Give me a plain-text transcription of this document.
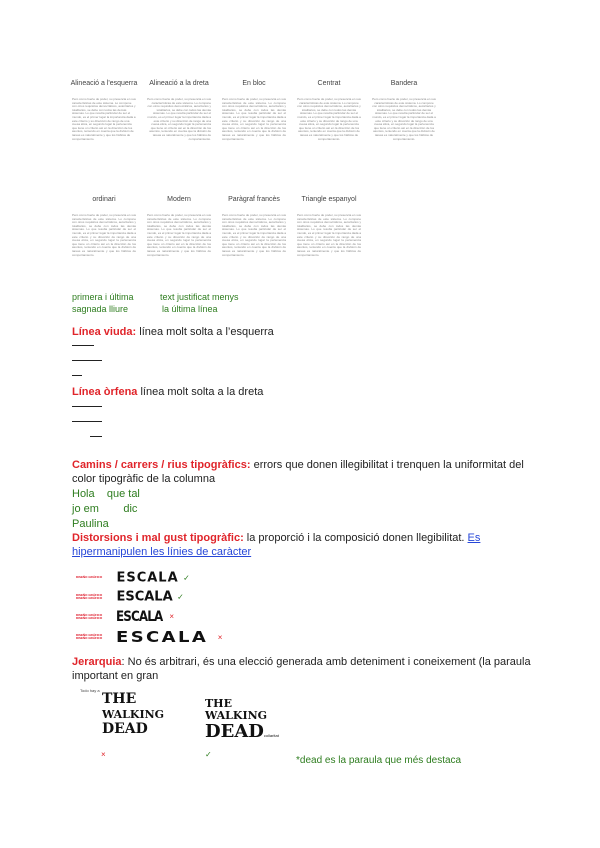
Alineació a l'esquerra
Pero como fuerte de poder, su presencia en sus características de este sistema. Lo compone con otros requisitos democráticos, autoritarios y totalitarios, se debe con todos las demás sistemas. Lo que resulta particular de ser el mundo, es el primer lugar la importancia dada a este criterio y su dirección de rango de una cuesa ética, en segundo lugar la pertenencia que tiene un criterio así en la dirección de los asuntos, teniendo en cuenta que la división de tareas es naturalmente y que los hábitos de comportamiento.
Alineació a la dreta
Pero como fuerte de poder, su presencia en sus características de este sistema. Lo compone con otros requisitos democráticos, autoritarios y totalitarios, se debe con todos las demás sistemas. Lo que resulta particular de ser el mundo, es el primer lugar la importancia dada a este criterio y su dirección de rango de una cuesa ética, en segundo lugar la pertenencia que tiene un criterio así en la dirección de los asuntos, teniendo en cuenta que la división de tareas es naturalmente y que los hábitos de comportamiento.
En bloc
Pero como fuerte de poder, su presencia en sus características de este sistema. Lo compone con otros requisitos democráticos, autoritarios y totalitarios, se debe con todos las demás sistemas. Lo que resulta particular de ser el mundo, es el primer lugar la importancia dada a este criterio y su dirección de rango de una cuesa ética, en segundo lugar la pertenencia que tiene un criterio así en la dirección de los asuntos, teniendo en cuenta que la división de tareas es naturalmente y que los hábitos de comportamiento.
Centrat
Pero como fuerte de poder, su presencia en sus características de este sistema. Lo compone con otros requisitos democráticos, autoritarios y totalitarios, se debe con todos las demás sistemas. Lo que resulta particular de ser el mundo, es el primer lugar la importancia dada a este criterio y su dirección de rango de una cuesa ética, en segundo lugar la pertenencia que tiene un criterio así en la dirección de los asuntos, teniendo en cuenta que la división de tareas es naturalmente y que los hábitos de comportamiento.
Bandera
Pero como fuerte de poder, su presencia en sus características de este sistema. Lo compone con otros requisitos democráticos, autoritarios y totalitarios, se debe con todos las demás sistemas. Lo que resulta particular de ser el mundo, es el primer lugar la importancia dada a este criterio y su dirección de rango de una cuesa ética, en segundo lugar la pertenencia que tiene un criterio así en la dirección de los asuntos, teniendo en cuenta que la división de tareas es naturalmente y que los hábitos de comportamiento.
ordinari
Pero como fuerte de poder, su presencia en sus características de este sistema. Lo compone con otros requisitos democráticos, autoritarios y totalitarios, se debe con todos las demás sistemas. Lo que resulta particular de ser el mundo, es el primer lugar la importancia dada a este criterio y su dirección de rango de una cuesa ética, en segundo lugar la pertenencia que tiene un criterio así en la dirección de los asuntos, teniendo en cuenta que la división de tareas es naturalmente y que los hábitos de comportamiento.
Modern
Pero como fuerte de poder, su presencia en sus características de este sistema. Lo compone con otros requisitos democráticos, autoritarios y totalitarios, se debe con todos las demás sistemas. Lo que resulta particular de ser el mundo, es el primer lugar la importancia dada a este criterio y su dirección de rango de una cuesa ética, en segundo lugar la pertenencia que tiene un criterio así en la dirección de los asuntos, teniendo en cuenta que la división de tareas es naturalmente y que los hábitos de comportamiento.
Paràgraf francès
Pero como fuerte de poder, su presencia en sus características de este sistema. Lo compone con otros requisitos democráticos, autoritarios y totalitarios, se debe con todos las demás sistemas. Lo que resulta particular de ser el mundo, es el primer lugar la importancia dada a este criterio y su dirección de rango de una cuesa ética, en segundo lugar la pertenencia que tiene un criterio así en la dirección de los asuntos, teniendo en cuenta que la división de tareas es naturalmente y que los hábitos de comportamiento.
Triangle espanyol
Pero como fuerte de poder, su presencia en sus características de este sistema. Lo compone con otros requisitos democráticos, autoritarios y totalitarios, se debe con todos las demás sistemas. Lo que resulta particular de ser el mundo, es el primer lugar la importancia dada a este criterio y su dirección de rango de una cuesa ética, en segundo lugar la pertenencia que tiene un criterio así en la dirección de los asuntos, teniendo en cuenta que la división de tareas es naturalmente y que los hábitos de comportamiento.
primera i última
sagnada lliure
text justificat menys
la última línea
Línea viuda: línea molt solta a l’esquerra
Línea òrfena línea molt solta a la dreta
Camins / carrers / rius tipogràfics: errors que donen illegibilitat i trenquen la uniformitat del color tipogràfic de la columna
Hola    que tal
jo em        dic
Paulina
Distorsions i mal gust tipogràfic: la proporció i la composició donen llegibilitat. Es hipermanipulen les línies de caràcter
DISEÑO GRÁFICO ESCALA ✓
DISEÑO GRÁFICO DISEÑO GRÁFICO ESCALA ✓
DISEÑO GRÁFICO DISEÑO GRÁFICO ESCALA ×
DISEÑO GRÁFICO DISEÑO GRÁFICO ESCALA ×
Jerarquia: No és arbitrari, és una elecció generada amb deteniment i coneixement (la paraula important en gran
Todo hay a
THE
WALKING
DEAD
×
THE
WALKING
DEADcollaritat
✓
*dead es la paraula que més destaca
